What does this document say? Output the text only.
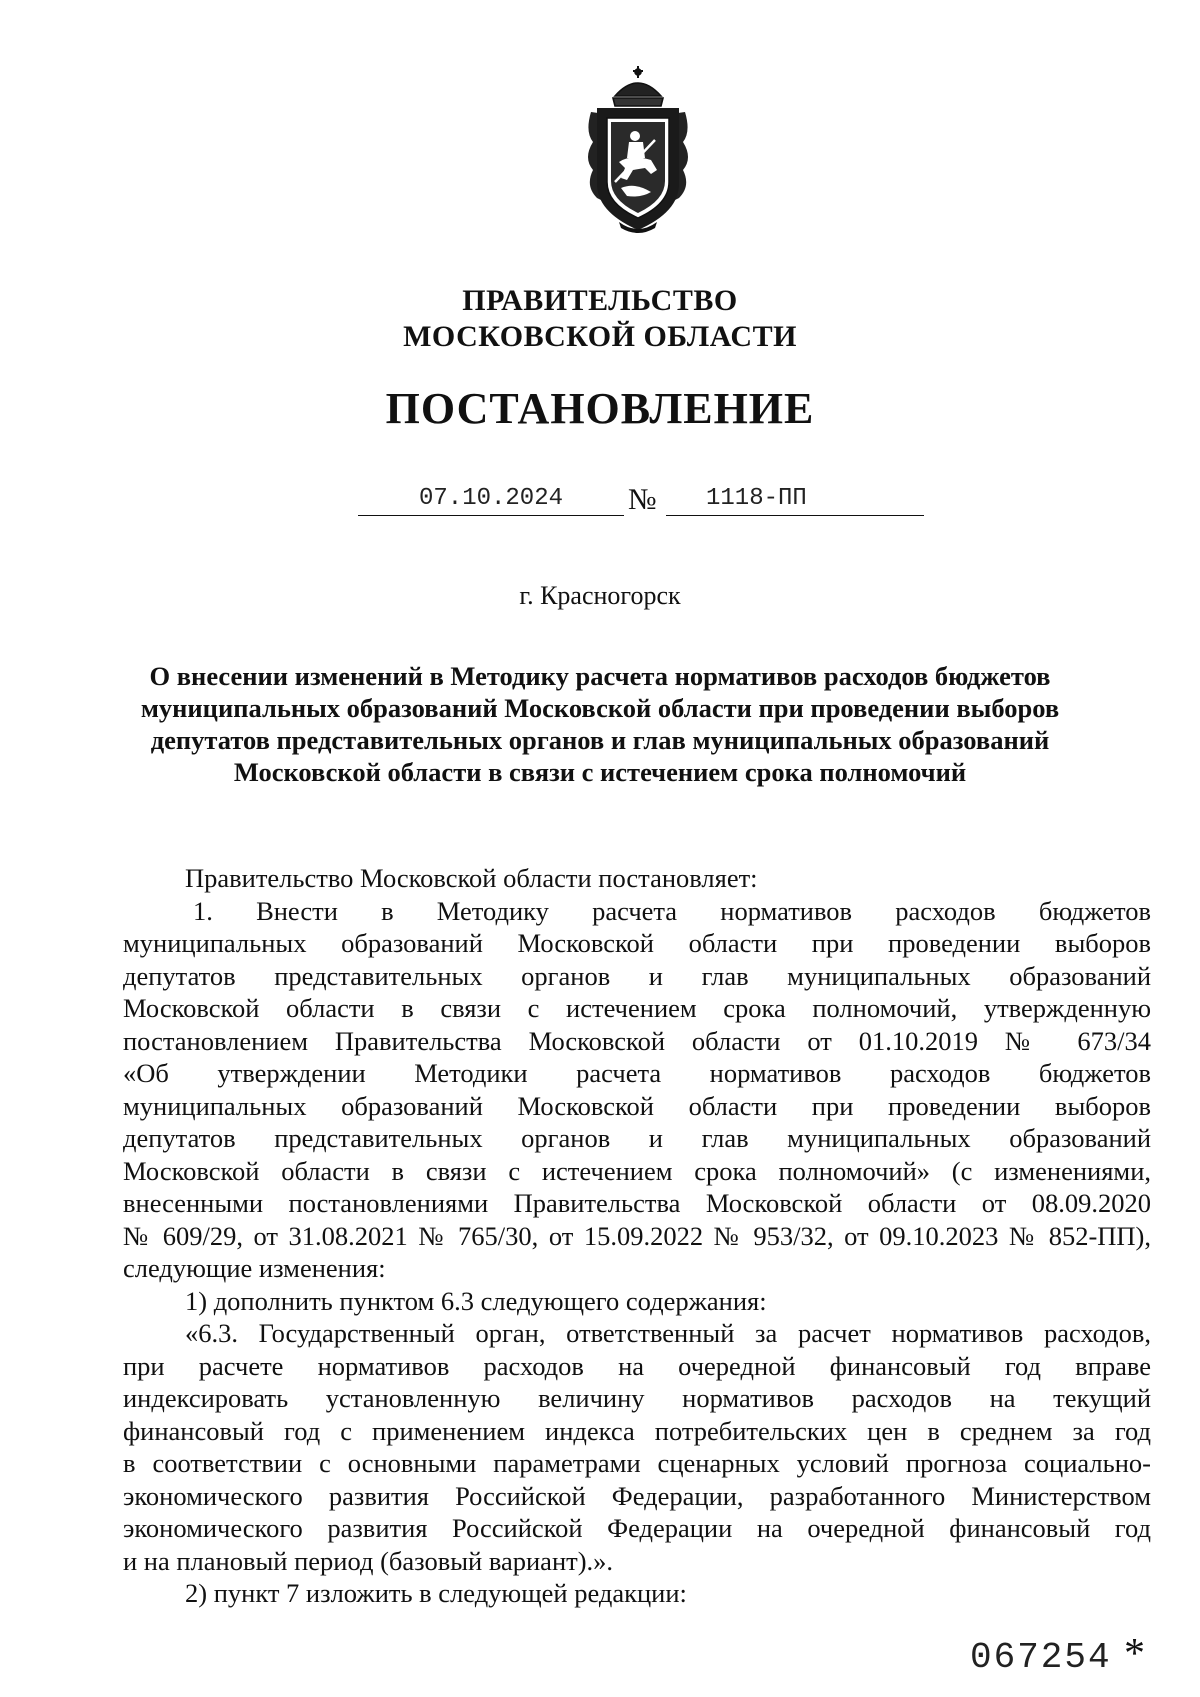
ПРАВИТЕЛЬСТВО
МОСКОВСКОЙ ОБЛАСТИ
ПОСТАНОВЛЕНИЕ
07.10.2024	№	1118-ПП
г. Красногорск
О внесении изменений в Методику расчета нормативов расходов бюджетов
муниципальных образований Московской области при проведении выборов
депутатов представительных органов и глав муниципальных образований
Московской области в связи с истечением срока полномочий
Правительство Московской области постановляет:
1. Внести в Методику расчета нормативов расходов бюджетов
муниципальных образований Московской области при проведении выборов
депутатов представительных органов и глав муниципальных образований
Московской области в связи с истечением срока полномочий, утвержденную
постановлением Правительства Московской области от 01.10.2019 № 673/34
«Об утверждении Методики расчета нормативов расходов бюджетов
муниципальных образований Московской области при проведении выборов
депутатов представительных органов и глав муниципальных образований
Московской области в связи с истечением срока полномочий» (с изменениями,
внесенными постановлениями Правительства Московской области от 08.09.2020
№ 609/29, от 31.08.2021 № 765/30, от 15.09.2022 № 953/32, от 09.10.2023 № 852-ПП),
следующие изменения:
1) дополнить пунктом 6.3 следующего содержания:
«6.3. Государственный орган, ответственный за расчет нормативов расходов,
при расчете нормативов расходов на очередной финансовый год вправе
индексировать установленную величину нормативов расходов на текущий
финансовый год с применением индекса потребительских цен в среднем за год
в соответствии с основными параметрами сценарных условий прогноза социально-
экономического развития Российской Федерации, разработанного Министерством
экономического развития Российской Федерации на очередной финансовый год
и на плановый период (базовый вариант).».
2) пункт 7 изложить в следующей редакции:
067254 *
